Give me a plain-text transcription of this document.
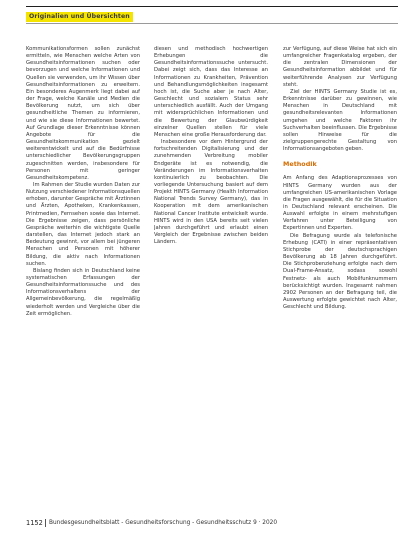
Originalien und Übersichten

Kommunikationsformen sollen zunächst ermitteln, wie Menschen welche Arten von Gesundheitsinformationen suchen oder bevorzugen und welche Informationen und Quellen sie verwenden, um ihr Wissen über Gesundheitsinformationen zu erweitern. Ein besonderes Augenmerk liegt dabei auf der Frage, welche Kanäle und Medien die Bevölkerung nutzt, um sich über gesundheitliche Themen zu informieren, und wie sie diese Informationen bewertet. Auf Grundlage dieser Erkenntnisse können Angebote für die Gesundheitskommunikation gezielt weiterentwickelt und auf die Bedürfnisse unterschiedlicher Bevölkerungsgruppen zugeschnitten werden, insbesondere für Personen mit geringer Gesundheitskompetenz.

Im Rahmen der Studie wurden Daten zur Nutzung verschiedener Informationsquellen erhoben, darunter Gespräche mit Ärztinnen und Ärzten, Apotheken, Krankenkassen, Printmedien, Fernsehen sowie das Internet. Die Ergebnisse zeigen, dass persönliche Gespräche weiterhin die wichtigste Quelle darstellen, das Internet jedoch stark an Bedeutung gewinnt, vor allem bei jüngeren Menschen und Personen mit höherer Bildung, die aktiv nach Informationen suchen.

Bislang finden sich in Deutschland keine systematischen Erfassungen der Gesundheitsinformationssuche und des Informationsverhaltens der Allgemeinbevölkerung, die regelmäßig wiederholt werden und Vergleiche über die Zeit ermöglichen.

diesen und methodisch hochwertigen Erhebungen die Gesundheitsinformationssuche untersucht. Dabei zeigt sich, dass das Interesse an Informationen zu Krankheiten, Prävention und Behandlungsmöglichkeiten insgesamt hoch ist, die Suche aber je nach Alter, Geschlecht und sozialem Status sehr unterschiedlich ausfällt. Auch der Umgang mit widersprüchlichen Informationen und die Bewertung der Glaubwürdigkeit einzelner Quellen stellen für viele Menschen eine große Herausforderung dar.

Insbesondere vor dem Hintergrund der fortschreitenden Digitalisierung und der zunehmenden Verbreitung mobiler Endgeräte ist es notwendig, die Veränderungen im Informationsverhalten kontinuierlich zu beobachten. Die vorliegende Untersuchung basiert auf dem Projekt HINTS Germany (Health Information National Trends Survey Germany), das in Kooperation mit dem amerikanischen National Cancer Institute entwickelt wurde. HINTS wird in den USA bereits seit vielen Jahren durchgeführt und erlaubt einen Vergleich der Ergebnisse zwischen beiden Ländern.

zur Verfügung, auf diese Weise hat sich ein umfangreicher Fragenkatalog ergeben, der die zentralen Dimensionen der Gesundheitsinformation abbildet und für weiterführende Analysen zur Verfügung steht.

Ziel der HINTS Germany Studie ist es, Erkenntnisse darüber zu gewinnen, wie Menschen in Deutschland mit gesundheitsrelevanten Informationen umgehen und welche Faktoren ihr Suchverhalten beeinflussen. Die Ergebnisse sollen Hinweise für die zielgruppengerechte Gestaltung von Informationsangeboten geben.

Methodik

Am Anfang des Adaptionsprozesses von HINTS Germany wurden aus der umfangreichen US-amerikanischen Vorlage die Fragen ausgewählt, die für die Situation in Deutschland relevant erscheinen. Die Auswahl erfolgte in einem mehrstufigen Verfahren unter Beteiligung von Expertinnen und Experten.

Die Befragung wurde als telefonische Erhebung (CATI) in einer repräsentativen Stichprobe der deutschsprachigen Bevölkerung ab 18 Jahren durchgeführt. Die Stichprobenziehung erfolgte nach dem Dual-Frame-Ansatz, sodass sowohl Festnetz- als auch Mobilfunknummern berücksichtigt wurden. Insgesamt nahmen 2902 Personen an der Befragung teil, die Auswertung erfolgte gewichtet nach Alter, Geschlecht und Bildung.

1152 Bundesgesundheitsblatt - Gesundheitsforschung - Gesundheitsschutz 9 · 2020
